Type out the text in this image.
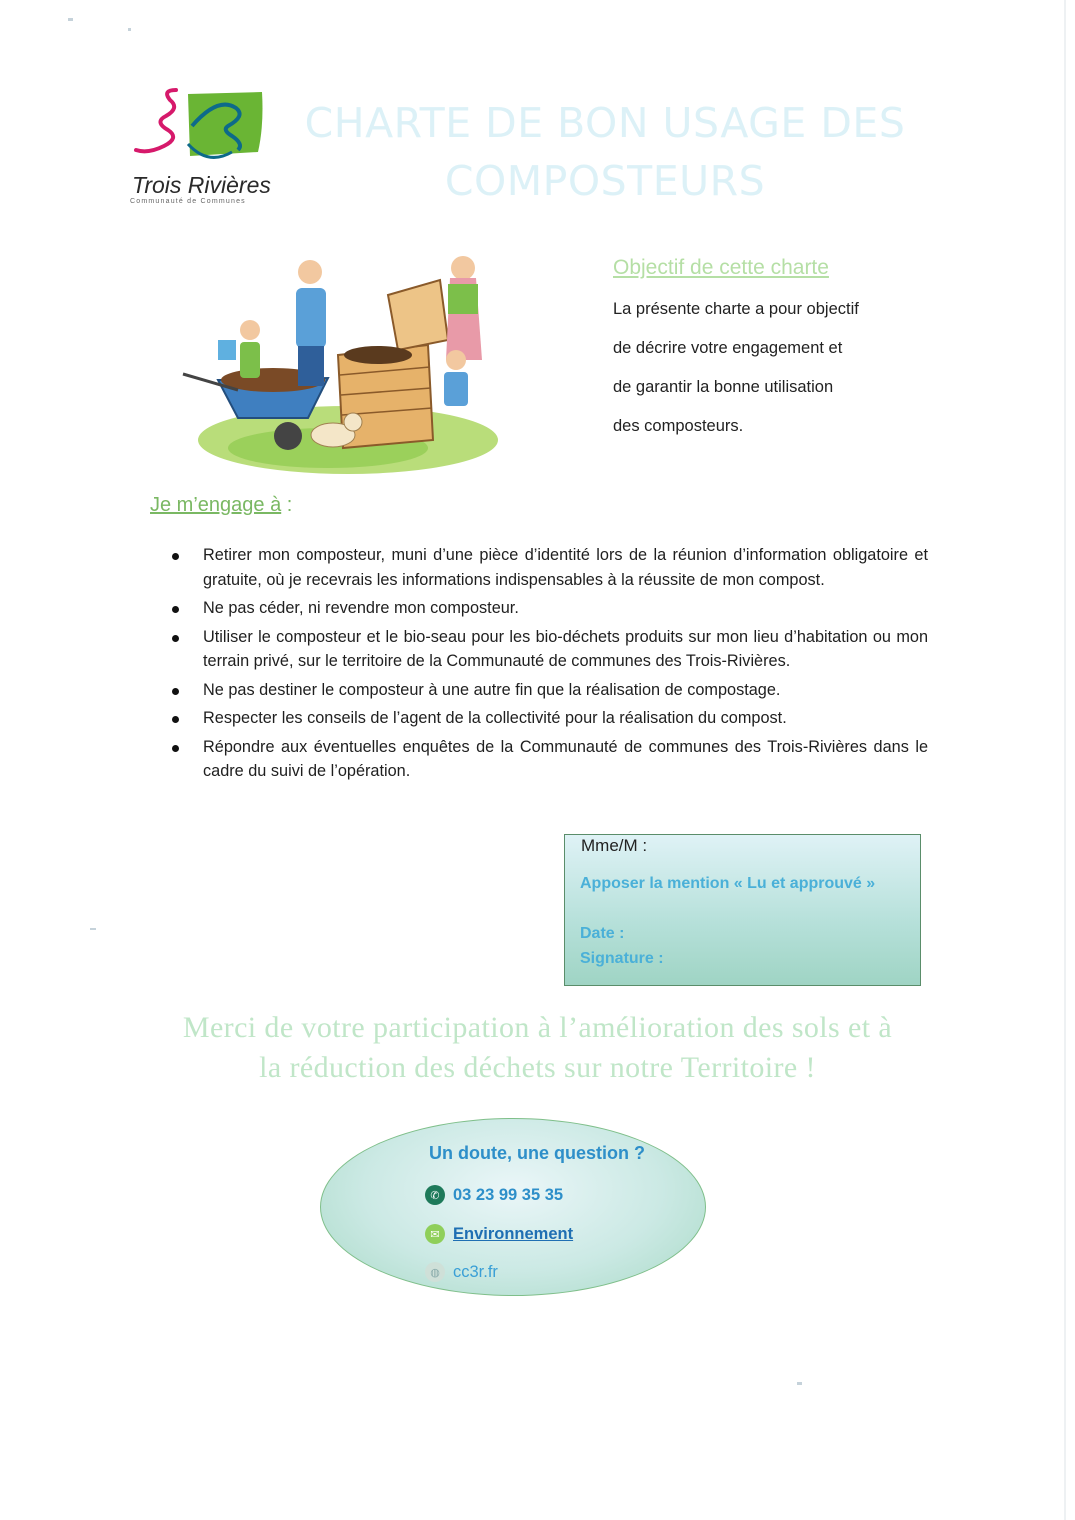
Trois Rivières
Communauté de Communes
CHARTE DE BON USAGE DES
COMPOSTEURS
Objectif de cette charte
La présente charte a pour objectif
de décrire votre engagement et
de garantir la bonne utilisation
des composteurs.
Je m’engage à :
Retirer mon composteur, muni d’une pièce d’identité lors de la réunion d’information obligatoire et gratuite, où je recevrais les informations indispensables à la réussite de mon compost.
Ne pas céder, ni revendre mon composteur.
Utiliser le composteur et le bio-seau pour les bio-déchets produits sur mon lieu d’habitation ou mon terrain privé, sur le territoire de la Communauté de communes des Trois-Rivières.
Ne pas destiner le composteur à une autre fin que la réalisation de compostage.
Respecter les conseils de l’agent de la collectivité pour la réalisation du compost.
Répondre aux éventuelles enquêtes de la Communauté de communes des Trois-Rivières dans le cadre du suivi de l’opération.
Mme/M :
Apposer la mention « Lu et approuvé »
Date :
Signature :
Merci de votre participation à l’amélioration des sols et à
la réduction des déchets sur notre Territoire !
Un doute, une question ?
✆ 03 23 99 35 35
✉ Environnement
◍ cc3r.fr
